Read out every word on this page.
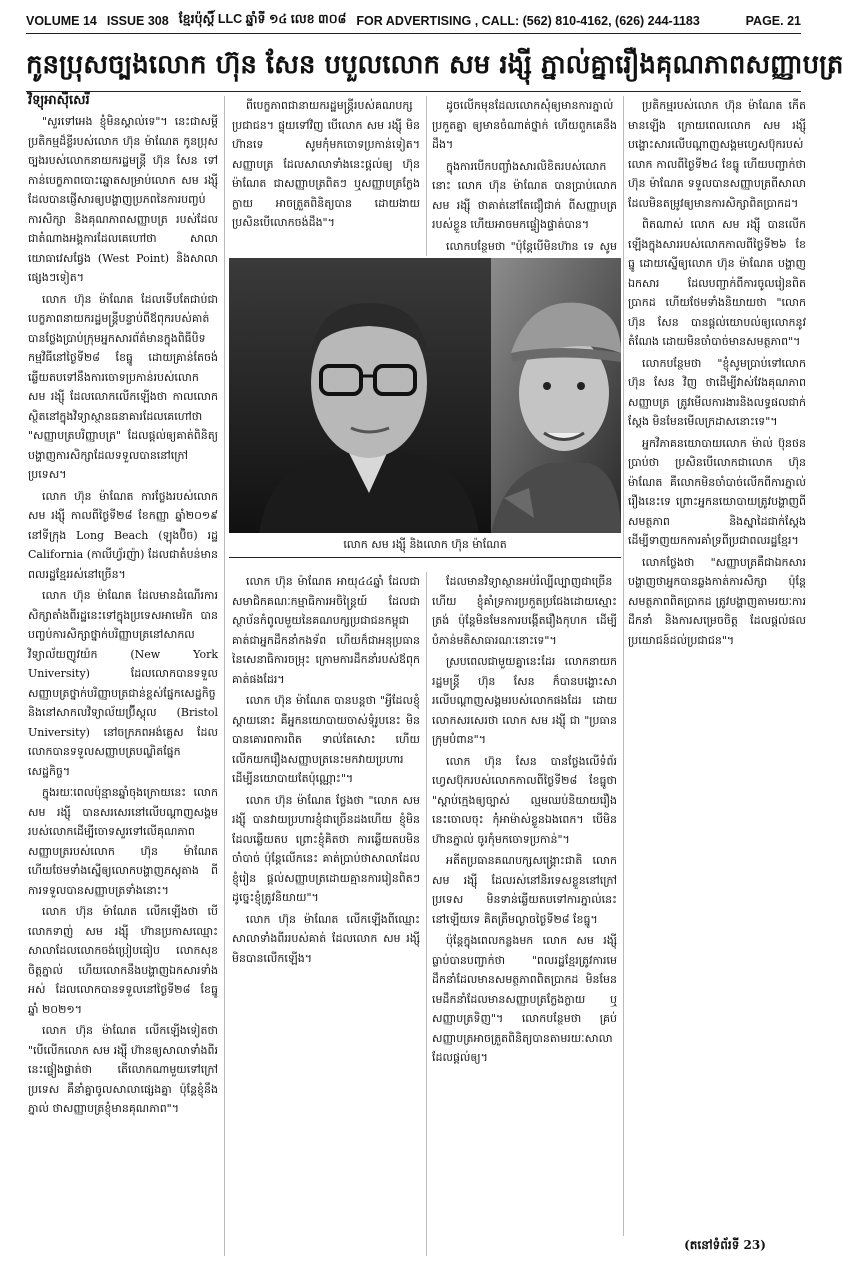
VOLUME 14 ISSUE 308 ខ្មែរប៉ុស្ដិ៍ LLC ឆ្នាំទី ១៤ លេខ ៣០៨ FOR ADVERTISING , CALL: (562) 810-4162, (626) 244-1183	PAGE. 21
កូនប្រុសច្បងលោក ហ៊ុន សែន បបួលលោក សម រង្ស៊ី ភ្នាល់គ្នារឿងគុណភាពសញ្ញាបត្រ
វិទ្យុអាស៊ីសេរី

"សួរទៅអេង ខ្ញុំមិនស្គាល់ទេ"។ នេះជាសម្ដីប្រតិកម្មដ៏ខ្លីរបស់លោក ហ៊ុន ម៉ាណែត កូនប្រុសច្បងរបស់លោកនាយករដ្ឋមន្ត្រី ហ៊ុន សែន ទៅកាន់បេក្ខភាពបោះឆ្នោតសម្រាប់លោក សម រង្ស៊ី ដែលបានផ្ញើសារឲ្យបង្ហាញប្រភពនៃការបញ្ចប់ការសិក្សា និងគុណភាពសញ្ញាបត្រ របស់ដែលជាតំណាងអង្គការដែលគេហៅថា សាលាយោធាវេសផ្វែង (West Point) និងសាលាផ្សេងៗទៀត។

លោក ហ៊ុន ម៉ាណែត ដែលទើបតែជាប់ជាបេក្ខភាពនាយករដ្ឋមន្ត្រីបន្ទាប់ពីឪពុករបស់គាត់ បានថ្លែងប្រាប់ក្រុមអ្នកសារព័ត៌មានក្នុងពិធីបិទកម្មវិធីនៅថ្ងៃទី២៨ ខែធ្នូ ដោយគ្រាន់តែចង់ឆ្លើយតបទៅនឹងការចោទប្រកាន់របស់លោក សម រង្ស៊ី ដែលលោកលើកឡើងថា កាលលោកស្ថិតនៅក្នុងវិទ្យាស្ថានធនាគារដែលគេហៅថា "សញ្ញាបត្របរិញ្ញាបត្រ" ដែលផ្ដល់ឲ្យគាត់ពិនិត្យបង្ហាញការសិក្សាដែលទទួលបាននៅក្រៅប្រទេស។

លោក ហ៊ុន ម៉ាណែត ការថ្លែងរបស់លោក សម រង្ស៊ី កាលពីថ្ងៃទី២៨ ខែកញ្ញា ឆ្នាំ២០១៩ នៅទីក្រុង Long Beach (ឡុងប៊ិច) រដ្ឋ California (កាលីហ្វ័រញ៉ា) ដែលជាតំបន់មានពលរដ្ឋខ្មែររស់នៅច្រើន។

លោក ហ៊ុន ម៉ាណែត ដែលមានដំណើរការសិក្សាតាំងពីរដ្ឋនេះទៅក្នុងប្រទេសអាមេរិក បានបញ្ចប់ការសិក្សាថ្នាក់បរិញ្ញាបត្រនៅសាកលវិទ្យាល័យញូវយ៉ក (New York University) ដែលលោកបានទទួលសញ្ញាបត្រថ្នាក់បរិញ្ញាបត្រជាន់ខ្ពស់ផ្នែកសេដ្ឋកិច្ច និងនៅសាកលវិទ្យាល័យប្រ៊ីស្តុល (Bristol University) នៅចក្រភពអង់គ្លេស ដែលលោកបានទទួលសញ្ញាបត្របណ្ឌិតផ្នែកសេដ្ឋកិច្ច។

ក្នុងរយៈពេលប៉ុន្មានឆ្នាំចុងក្រោយនេះ លោក សម រង្ស៊ី បានសរសេរនៅលើបណ្ដាញសង្គមរបស់លោកដើម្បីចោទសួរទៅលើគុណភាពសញ្ញាបត្ររបស់លោក ហ៊ុន ម៉ាណែត ហើយថែមទាំងស្នើឲ្យលោកបង្ហាញភស្តុតាង ពីការទទួលបានសញ្ញាបត្រទាំងនោះ។

លោក ហ៊ុន ម៉ាណែត លើកឡើងថា បើលោកទាញ់ សម រង្ស៊ី ហ៊ានប្រកាសឈ្មោះសាលាដែលលោកចង់ប្រៀបធៀប លោកសុខចិត្តភ្នាល់ ហើយលោកនឹងបង្ហាញឯកសារទាំងអស់ ដែលលោកបានទទួលនៅថ្ងៃទី២៨ ខែធ្នូ ឆ្នាំ ២០២១។

លោក ហ៊ុន ម៉ាណែត លើកឡើងទៀតថា "បើលើកលោក សម រង្ស៊ី ហ៊ានឲ្យសាលាទាំងពីរនេះផ្ទៀងផ្ទាត់ថា តើលោកណាមួយទៅក្រៅប្រទេស គឺនាំគ្នាចូលសាលាផ្សេងគ្នា ប៉ុន្តែខ្ញុំនឹងភ្នាល់ ថាសញ្ញាបត្រខ្ញុំមានគុណភាព"។

ពីបេក្ខភាពជានាយករដ្ឋមន្ត្រីរបស់គណបក្សប្រជាជន។ ផ្ទុយទៅវិញ បើលោក សម រង្ស៊ី មិនហ៊ានទេ សូមកុំមកចោទប្រកាន់ទៀត។ សញ្ញាបត្រ ដែលសាលាទាំងនេះផ្ដល់ឲ្យ ហ៊ុន ម៉ាណែត ជាសញ្ញាបត្រពិតៗ ឬសញ្ញាបត្រក្លែងក្លាយ អាចត្រួតពិនិត្យបាន ដោយងាយ ប្រសិនបើលោកចង់ដឹង"។

ដូចលើកមុនដែលលោកសុំឲ្យមានការភ្នាល់ ប្រកួតគ្នា ឲ្យមានចំណាត់ថ្នាក់ ហើយពួកគេនឹងដឹង។

ក្នុងការបើកបញ្ចាំងសារលិខិតរបស់លោកនោះ លោក ហ៊ុន ម៉ាណែត បានប្រាប់លោក សម រង្ស៊ី ថាគាត់នៅតែជឿជាក់ ពីសញ្ញាបត្ររបស់ខ្លួន ហើយអាចមកផ្ទៀងផ្ទាត់បាន។

លោកបន្ថែមថា "ប៉ុន្តែបើមិនហ៊ាន ទេ សូម

លោក សម រង្ស៊ី និងលោក ហ៊ុន ម៉ាណែត

លោក ហ៊ុន ម៉ាណែត អាយុ៤៤ឆ្នាំ ដែលជាសមាជិកគណៈកម្មាធិការអចិន្ត្រៃយ៍ ដែលជាស្ថាប័នកំពូលមួយនៃគណបក្សប្រជាជនកម្ពុជា គាត់ជាអ្នកដឹកនាំកងទ័ព ហើយក៏ជាអនុប្រធាននៃសេនាធិការចម្រុះ ក្រោមការដឹកនាំរបស់ឪពុកគាត់ផងដែរ។

លោក ហ៊ុន ម៉ាណែត បានបន្តថា "អ្វីដែលខ្ញុំស្ដាយនោះ គឺអ្នកនយោបាយចាស់ទុំរូបនេះ មិនបានគោរពការពិត ទាល់តែសោះ ហើយលើកយករឿងសញ្ញាបត្រនេះមកវាយប្រហារ ដើម្បីនយោបាយតែប៉ុណ្ណោះ"។

លោក ហ៊ុន ម៉ាណែត ថ្លែងថា "លោក សម រង្ស៊ី បានវាយប្រហារខ្ញុំជាច្រើនដងហើយ ខ្ញុំមិនដែលឆ្លើយតប ព្រោះខ្ញុំគិតថា ការឆ្លើយតបមិនចាំបាច់ ប៉ុន្តែលើកនេះ គាត់ប្រាប់ថាសាលាដែលខ្ញុំរៀន ផ្ដល់សញ្ញាបត្រដោយគ្មានការរៀនពិតៗ ដូច្នេះខ្ញុំត្រូវនិយាយ"។

លោក ហ៊ុន ម៉ាណែត លើកឡើងពីឈ្មោះសាលាទាំងពីររបស់គាត់ ដែលលោក សម រង្ស៊ី មិនបានលើកឡើង។

ដែលមានវិទ្យាស្ថានអប់រំល្បីល្បាញជាច្រើន ហើយ ខ្ញុំគាំទ្រការប្រកួតប្រជែងដោយស្មោះត្រង់ ប៉ុន្តែមិនមែនការបង្កើតរឿងកុហក ដើម្បីបំភាន់មតិសាធារណៈនោះទេ"។

ស្របពេលជាមួយគ្នានេះដែរ លោកនាយករដ្ឋមន្ត្រី ហ៊ុន សែន ក៏បានបង្ហោះសារលើបណ្ដាញសង្គមរបស់លោកផងដែរ ដោយលោកសរសេរថា លោក សម រង្ស៊ី ជា "ប្រធានក្រុមបំពាន"។

លោក ហ៊ុន សែន បានថ្លែងលើទំព័រហ្វេសប៊ុករបស់លោកកាលពីថ្ងៃទី២៨ ខែធ្នូថា "ស្ដាប់ក្មេងឲ្យច្បាស់ ល្មមឈប់និយាយរឿងនេះចោលចុះ កុំអាម៉ាស់ខ្លួនឯងពេក។ បើមិនហ៊ានភ្នាល់ ចូរកុំមកចោទប្រកាន់"។

អតីតប្រធានគណបក្សសង្គ្រោះជាតិ លោក សម រង្ស៊ី ដែលរស់នៅនិរទេសខ្លួននៅក្រៅប្រទេស មិនទាន់ឆ្លើយតបទៅការភ្នាល់នេះនៅឡើយទេ គិតត្រឹមល្ងាចថ្ងៃទី២៨ ខែធ្នូ។

ប៉ុន្តែក្នុងពេលកន្លងមក លោក សម រង្ស៊ី ធ្លាប់បានបញ្ជាក់ថា "ពលរដ្ឋខ្មែរត្រូវការមេដឹកនាំដែលមានសមត្ថភាពពិតប្រាកដ មិនមែនមេដឹកនាំដែលមានសញ្ញាបត្រក្លែងក្លាយ ឬសញ្ញាបត្រទិញ"។ លោកបន្ថែមថា គ្រប់សញ្ញាបត្រអាចត្រួតពិនិត្យបានតាមរយៈសាលាដែលផ្ដល់ឲ្យ។

ប្រតិកម្មរបស់លោក ហ៊ុន ម៉ាណែត កើតមានឡើង ក្រោយពេលលោក សម រង្ស៊ី បង្ហោះសារលើបណ្ដាញសង្គមហ្វេសប៊ុករបស់លោក កាលពីថ្ងៃទី២៤ ខែធ្នូ ហើយបញ្ជាក់ថា ហ៊ុន ម៉ាណែត ទទួលបានសញ្ញាបត្រពីសាលាដែលមិនតម្រូវឲ្យមានការសិក្សាពិតប្រាកដ។

ពិតណាស់ លោក សម រង្ស៊ី បានលើកឡើងក្នុងសាររបស់លោកកាលពីថ្ងៃទី២៦ ខែធ្នូ ដោយស្នើឲ្យលោក ហ៊ុន ម៉ាណែត បង្ហាញឯកសារ ដែលបញ្ជាក់ពីការចូលរៀនពិតប្រាកដ ហើយថែមទាំងនិយាយថា "លោក ហ៊ុន សែន បានផ្ដល់យោបល់ឲ្យលោកនូវតំណែង ដោយមិនចាំបាច់មានសមត្ថភាព"។

លោកបន្ថែមថា "ខ្ញុំសូមប្រាប់ទៅលោក ហ៊ុន សែន វិញ ថាដើម្បីវាស់វែងគុណភាពសញ្ញាបត្រ ត្រូវមើលការងារនិងលទ្ធផលជាក់ស្ដែង មិនមែនមើលក្រដាសនោះទេ"។

អ្នកវិភាគនយោបាយលោក ម៉ាល់ ប៊ុនថន ប្រាប់ថា ប្រសិនបើលោកជាលោក ហ៊ុន ម៉ាណែត គឺលោកមិនចាំបាច់លើកពីការភ្នាល់រឿងនេះទេ ព្រោះអ្នកនយោបាយត្រូវបង្ហាញពីសមត្ថភាព និងស្នាដៃជាក់ស្ដែង ដើម្បីទាញយកការគាំទ្រពីប្រជាពលរដ្ឋខ្មែរ។

លោកថ្លែងថា "សញ្ញាបត្រគឺជាឯកសារ បង្ហាញថាអ្នកបានឆ្លងកាត់ការសិក្សា ប៉ុន្តែសមត្ថភាពពិតប្រាកដ ត្រូវបង្ហាញតាមរយៈការដឹកនាំ និងការសម្រេចចិត្ត ដែលផ្ដល់ផលប្រយោជន៍ដល់ប្រជាជន"។

(តនៅទំព័រទី 23)
